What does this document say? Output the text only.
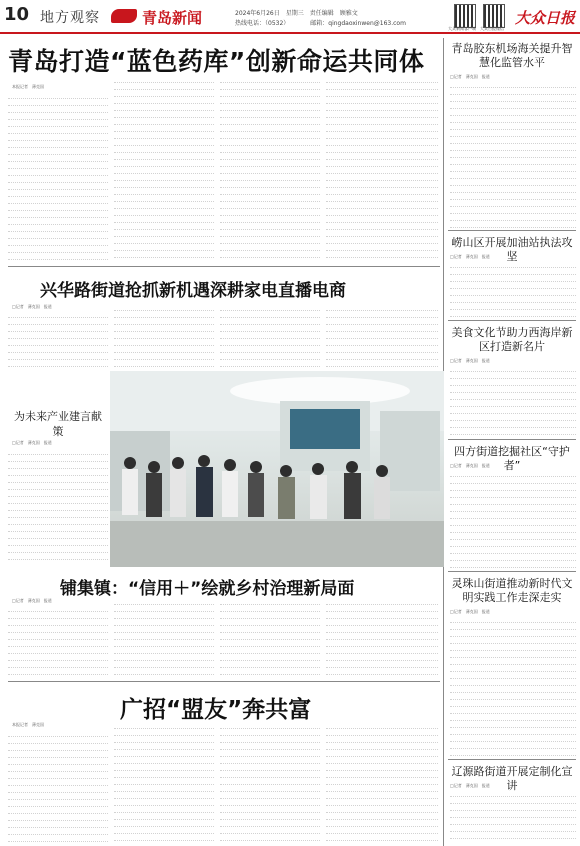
10 地方观察	青岛新闻	2024年6月26日　星期三　责任编辑　顾雅文
热线电话：（0532）　　　　邮箱：qingdaoxinwen@163.com
大众新闻客户端 大众日报微信
大众日报
青岛打造“蓝色药库”创新命运共同体
本报记者　薄克国
兴华路街道抢抓新机遇深耕家电直播电商
□记者　薄克国　报道
为未来产业建言献策
□记者　薄克国　报道
铺集镇：“信用＋”绘就乡村治理新局面
□记者　薄克国　报道
广招“盟友”奔共富
本报记者　薄克国
青岛胶东机场海关提升智慧化监管水平
□记者　薄克国　报道
崂山区开展加油站执法攻坚
□记者　薄克国　报道
美食文化节助力西海岸新区打造新名片
□记者　薄克国　报道
四方街道挖掘社区“守护者”
□记者　薄克国　报道
灵珠山街道推动新时代文明实践工作走深走实
□记者　薄克国　报道
辽源路街道开展定制化宣讲
□记者　薄克国　报道
